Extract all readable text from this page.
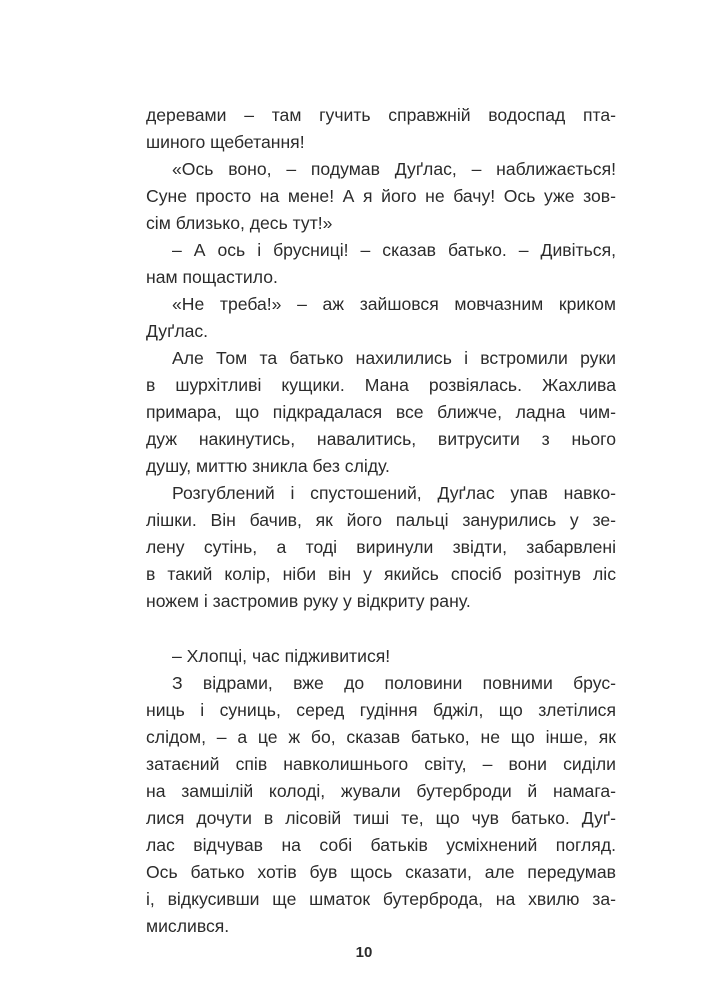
деревами – там гучить справжній водоспад пта-
шиного щебетання!
«Ось воно, – подумав Дуґлас, – наближається!
Суне просто на мене! А я його не бачу! Ось уже зов-
сім близько, десь тут!»
– А ось і брусниці! – сказав батько. – Дивіться,
нам пощастило.
«Не треба!» – аж зайшовся мовчазним криком
Дуґлас.
Але Том та батько нахилились і встромили руки
в шурхітливі кущики. Мана розвіялась. Жахлива
примара, що підкрадалася все ближче, ладна чим-
дуж накинутись, навалитись, витрусити з нього
душу, миттю зникла без сліду.
Розгублений і спустошений, Дуґлас упав навко-
лішки. Він бачив, як його пальці занурились у зе-
лену сутінь, а тоді виринули звідти, забарвлені
в такий колір, ніби він у якийсь спосіб розітнув ліс
ножем і застромив руку у відкриту рану.
– Хлопці, час підживитися!
З відрами, вже до половини повними брус-
ниць і суниць, серед гудіння бджіл, що злетілися
слідом, – а це ж бо, сказав батько, не що інше, як
затаєний спів навколишнього світу, – вони сиділи
на замшілій колоді, жували бутерброди й намага-
лися дочути в лісовій тиші те, що чув батько. Дуґ-
лас відчував на собі батьків усміхнений погляд.
Ось батько хотів був щось сказати, але передумав
і, відкусивши ще шматок бутерброда, на хвилю за-
мислився.
10
